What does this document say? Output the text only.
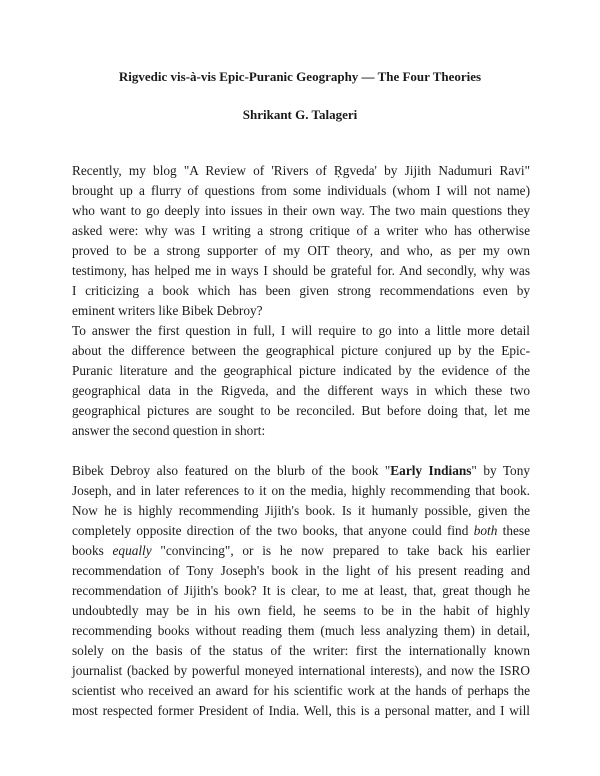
Rigvedic vis-à-vis Epic-Puranic Geography — The Four Theories
Shrikant G. Talageri
Recently, my blog "A Review of 'Rivers of Ṛgveda' by Jijith Nadumuri Ravi"
brought up a flurry of questions from some individuals (whom I will not name)
who want to go deeply into issues in their own way. The two main questions they
asked were: why was I writing a strong critique of a writer who has otherwise
proved to be a strong supporter of my OIT theory, and who, as per my own
testimony, has helped me in ways I should be grateful for. And secondly, why was
I criticizing a book which has been given strong recommendations even by
eminent writers like Bibek Debroy?
To answer the first question in full, I will require to go into a little more detail
about the difference between the geographical picture conjured up by the Epic-
Puranic literature and the geographical picture indicated by the evidence of the
geographical data in the Rigveda, and the different ways in which these two
geographical pictures are sought to be reconciled. But before doing that, let me
answer the second question in short:
Bibek Debroy also featured on the blurb of the book "Early Indians" by Tony
Joseph, and in later references to it on the media, highly recommending that book.
Now he is highly recommending Jijith's book. Is it humanly possible, given the
completely opposite direction of the two books, that anyone could find both these
books equally "convincing", or is he now prepared to take back his earlier
recommendation of Tony Joseph's book in the light of his present reading and
recommendation of Jijith's book? It is clear, to me at least, that, great though he
undoubtedly may be in his own field, he seems to be in the habit of highly
recommending books without reading them (much less analyzing them) in detail,
solely on the basis of the status of the writer: first the internationally known
journalist (backed by powerful moneyed international interests), and now the ISRO
scientist who received an award for his scientific work at the hands of perhaps the
most respected former President of India. Well, this is a personal matter, and I will
